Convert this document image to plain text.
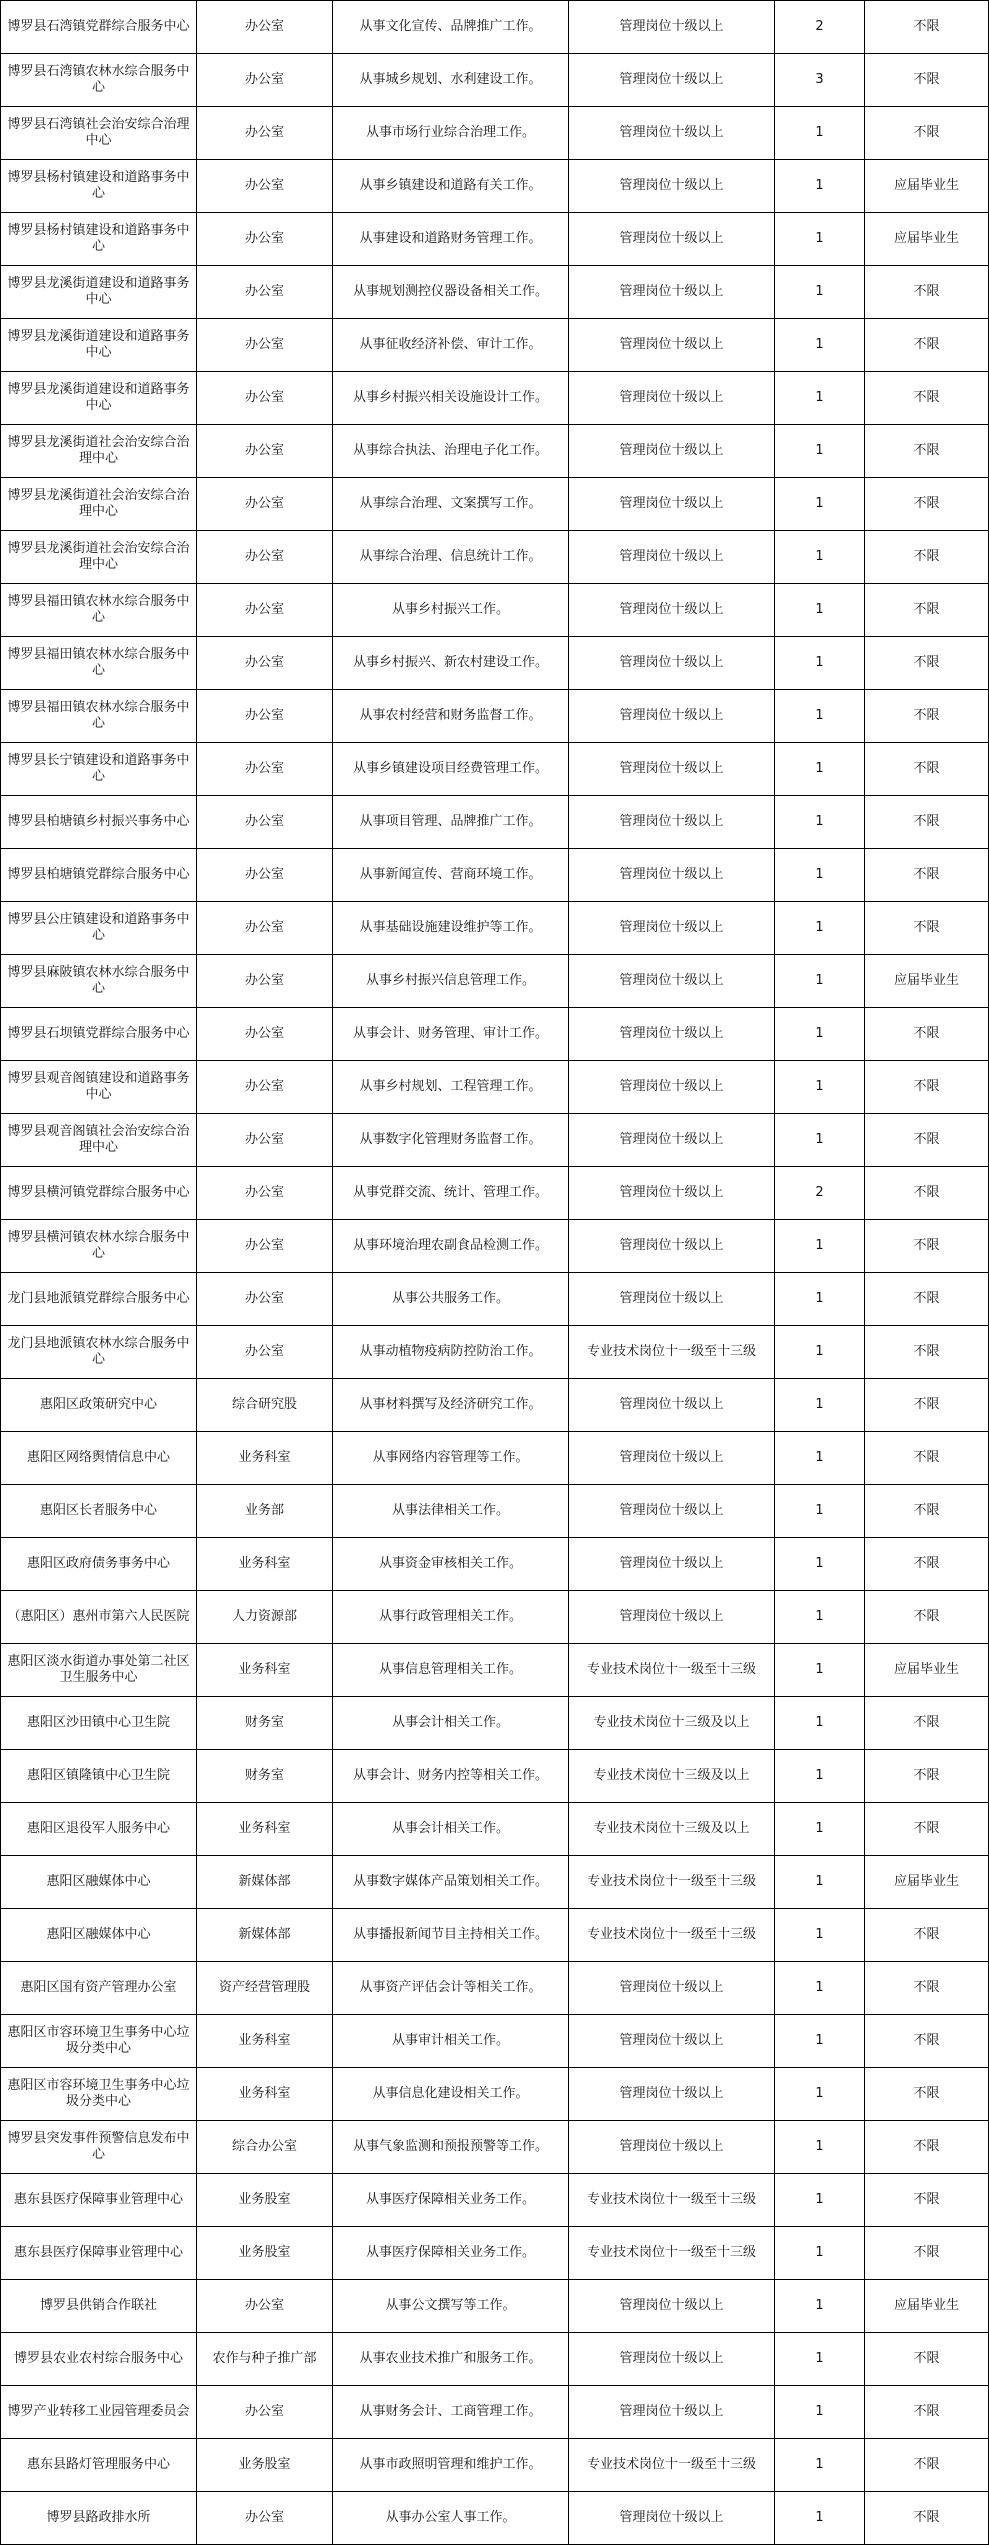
博罗县石湾镇党群综合服务中心	办公室	从事文化宣传、品牌推广工作。	管理岗位十级以上	2	不限
博罗县石湾镇农林水综合服务中心	办公室	从事城乡规划、水利建设工作。	管理岗位十级以上	3	不限
博罗县石湾镇社会治安综合治理中心	办公室	从事市场行业综合治理工作。	管理岗位十级以上	1	不限
博罗县杨村镇建设和道路事务中心	办公室	从事乡镇建设和道路有关工作。	管理岗位十级以上	1	应届毕业生
博罗县杨村镇建设和道路事务中心	办公室	从事建设和道路财务管理工作。	管理岗位十级以上	1	应届毕业生
博罗县龙溪街道建设和道路事务中心	办公室	从事规划测控仪器设备相关工作。	管理岗位十级以上	1	不限
博罗县龙溪街道建设和道路事务中心	办公室	从事征收经济补偿、审计工作。	管理岗位十级以上	1	不限
博罗县龙溪街道建设和道路事务中心	办公室	从事乡村振兴相关设施设计工作。	管理岗位十级以上	1	不限
博罗县龙溪街道社会治安综合治理中心	办公室	从事综合执法、治理电子化工作。	管理岗位十级以上	1	不限
博罗县龙溪街道社会治安综合治理中心	办公室	从事综合治理、文案撰写工作。	管理岗位十级以上	1	不限
博罗县龙溪街道社会治安综合治理中心	办公室	从事综合治理、信息统计工作。	管理岗位十级以上	1	不限
博罗县福田镇农林水综合服务中心	办公室	从事乡村振兴工作。	管理岗位十级以上	1	不限
博罗县福田镇农林水综合服务中心	办公室	从事乡村振兴、新农村建设工作。	管理岗位十级以上	1	不限
博罗县福田镇农林水综合服务中心	办公室	从事农村经营和财务监督工作。	管理岗位十级以上	1	不限
博罗县长宁镇建设和道路事务中心	办公室	从事乡镇建设项目经费管理工作。	管理岗位十级以上	1	不限
博罗县柏塘镇乡村振兴事务中心	办公室	从事项目管理、品牌推广工作。	管理岗位十级以上	1	不限
博罗县柏塘镇党群综合服务中心	办公室	从事新闻宣传、营商环境工作。	管理岗位十级以上	1	不限
博罗县公庄镇建设和道路事务中心	办公室	从事基础设施建设维护等工作。	管理岗位十级以上	1	不限
博罗县麻陂镇农林水综合服务中心	办公室	从事乡村振兴信息管理工作。	管理岗位十级以上	1	应届毕业生
博罗县石坝镇党群综合服务中心	办公室	从事会计、财务管理、审计工作。	管理岗位十级以上	1	不限
博罗县观音阁镇建设和道路事务中心	办公室	从事乡村规划、工程管理工作。	管理岗位十级以上	1	不限
博罗县观音阁镇社会治安综合治理中心	办公室	从事数字化管理财务监督工作。	管理岗位十级以上	1	不限
博罗县横河镇党群综合服务中心	办公室	从事党群交流、统计、管理工作。	管理岗位十级以上	2	不限
博罗县横河镇农林水综合服务中心	办公室	从事环境治理农副食品检测工作。	管理岗位十级以上	1	不限
龙门县地派镇党群综合服务中心	办公室	从事公共服务工作。	管理岗位十级以上	1	不限
龙门县地派镇农林水综合服务中心	办公室	从事动植物疫病防控防治工作。	专业技术岗位十一级至十三级	1	不限
惠阳区政策研究中心	综合研究股	从事材料撰写及经济研究工作。	管理岗位十级以上	1	不限
惠阳区网络舆情信息中心	业务科室	从事网络内容管理等工作。	管理岗位十级以上	1	不限
惠阳区长者服务中心	业务部	从事法律相关工作。	管理岗位十级以上	1	不限
惠阳区政府债务事务中心	业务科室	从事资金审核相关工作。	管理岗位十级以上	1	不限
（惠阳区）惠州市第六人民医院	人力资源部	从事行政管理相关工作。	管理岗位十级以上	1	不限
惠阳区淡水街道办事处第二社区卫生服务中心	业务科室	从事信息管理相关工作。	专业技术岗位十一级至十三级	1	应届毕业生
惠阳区沙田镇中心卫生院	财务室	从事会计相关工作。	专业技术岗位十三级及以上	1	不限
惠阳区镇隆镇中心卫生院	财务室	从事会计、财务内控等相关工作。	专业技术岗位十三级及以上	1	不限
惠阳区退役军人服务中心	业务科室	从事会计相关工作。	专业技术岗位十三级及以上	1	不限
惠阳区融媒体中心	新媒体部	从事数字媒体产品策划相关工作。	专业技术岗位十一级至十三级	1	应届毕业生
惠阳区融媒体中心	新媒体部	从事播报新闻节目主持相关工作。	专业技术岗位十一级至十三级	1	不限
惠阳区国有资产管理办公室	资产经营管理股	从事资产评估会计等相关工作。	管理岗位十级以上	1	不限
惠阳区市容环境卫生事务中心垃圾分类中心	业务科室	从事审计相关工作。	管理岗位十级以上	1	不限
惠阳区市容环境卫生事务中心垃圾分类中心	业务科室	从事信息化建设相关工作。	管理岗位十级以上	1	不限
博罗县突发事件预警信息发布中心	综合办公室	从事气象监测和预报预警等工作。	管理岗位十级以上	1	不限
惠东县医疗保障事业管理中心	业务股室	从事医疗保障相关业务工作。	专业技术岗位十一级至十三级	1	不限
惠东县医疗保障事业管理中心	业务股室	从事医疗保障相关业务工作。	专业技术岗位十一级至十三级	1	不限
博罗县供销合作联社	办公室	从事公文撰写等工作。	管理岗位十级以上	1	应届毕业生
博罗县农业农村综合服务中心	农作与种子推广部	从事农业技术推广和服务工作。	管理岗位十级以上	1	不限
博罗产业转移工业园管理委员会	办公室	从事财务会计、工商管理工作。	管理岗位十级以上	1	不限
惠东县路灯管理服务中心	业务股室	从事市政照明管理和维护工作。	专业技术岗位十一级至十三级	1	不限
博罗县路政排水所	办公室	从事办公室人事工作。	管理岗位十级以上	1	不限
